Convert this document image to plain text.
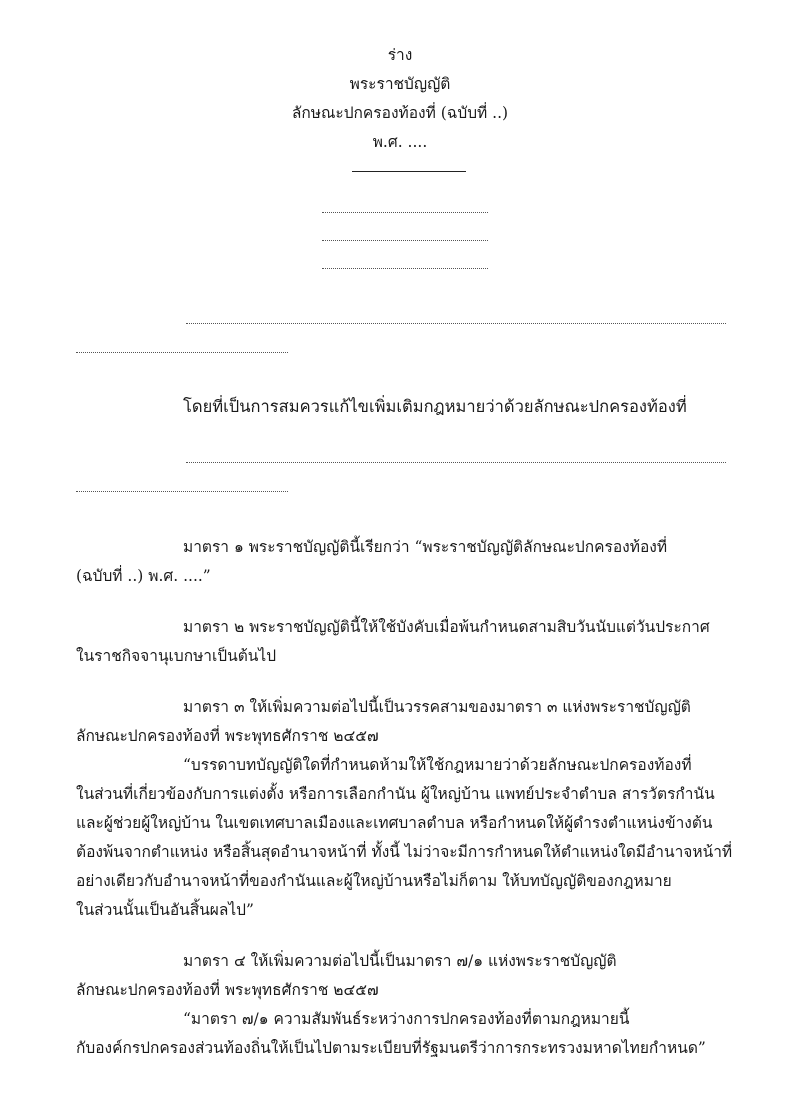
ร่าง
พระราชบัญญัติ
ลักษณะปกครองท้องที่ (ฉบับที่ ..)
พ.ศ. ....
โดยที่เป็นการสมควรแก้ไขเพิ่มเติมกฎหมายว่าด้วยลักษณะปกครองท้องที่
มาตรา ๑ พระราชบัญญัตินี้เรียกว่า “พระราชบัญญัติลักษณะปกครองท้องที่
(ฉบับที่ ..) พ.ศ. ....”
มาตรา ๒ พระราชบัญญัตินี้ให้ใช้บังคับเมื่อพ้นกำหนดสามสิบวันนับแต่วันประกาศ
ในราชกิจจานุเบกษาเป็นต้นไป
มาตรา ๓ ให้เพิ่มความต่อไปนี้เป็นวรรคสามของมาตรา ๓ แห่งพระราชบัญญัติ
ลักษณะปกครองท้องที่ พระพุทธศักราช ๒๔๕๗
“บรรดาบทบัญญัติใดที่กำหนดห้ามให้ใช้กฎหมายว่าด้วยลักษณะปกครองท้องที่
ในส่วนที่เกี่ยวข้องกับการแต่งตั้ง หรือการเลือกกำนัน ผู้ใหญ่บ้าน แพทย์ประจำตำบล สารวัตรกำนัน
และผู้ช่วยผู้ใหญ่บ้าน ในเขตเทศบาลเมืองและเทศบาลตำบล หรือกำหนดให้ผู้ดำรงตำแหน่งข้างต้น
ต้องพ้นจากตำแหน่ง หรือสิ้นสุดอำนาจหน้าที่ ทั้งนี้ ไม่ว่าจะมีการกำหนดให้ตำแหน่งใดมีอำนาจหน้าที่
อย่างเดียวกับอำนาจหน้าที่ของกำนันและผู้ใหญ่บ้านหรือไม่ก็ตาม ให้บทบัญญัติของกฎหมาย
ในส่วนนั้นเป็นอันสิ้นผลไป”
มาตรา ๔ ให้เพิ่มความต่อไปนี้เป็นมาตรา ๗/๑ แห่งพระราชบัญญัติ
ลักษณะปกครองท้องที่ พระพุทธศักราช ๒๔๕๗
“มาตรา ๗/๑ ความสัมพันธ์ระหว่างการปกครองท้องที่ตามกฎหมายนี้
กับองค์กรปกครองส่วนท้องถิ่นให้เป็นไปตามระเบียบที่รัฐมนตรีว่าการกระทรวงมหาดไทยกำหนด”
